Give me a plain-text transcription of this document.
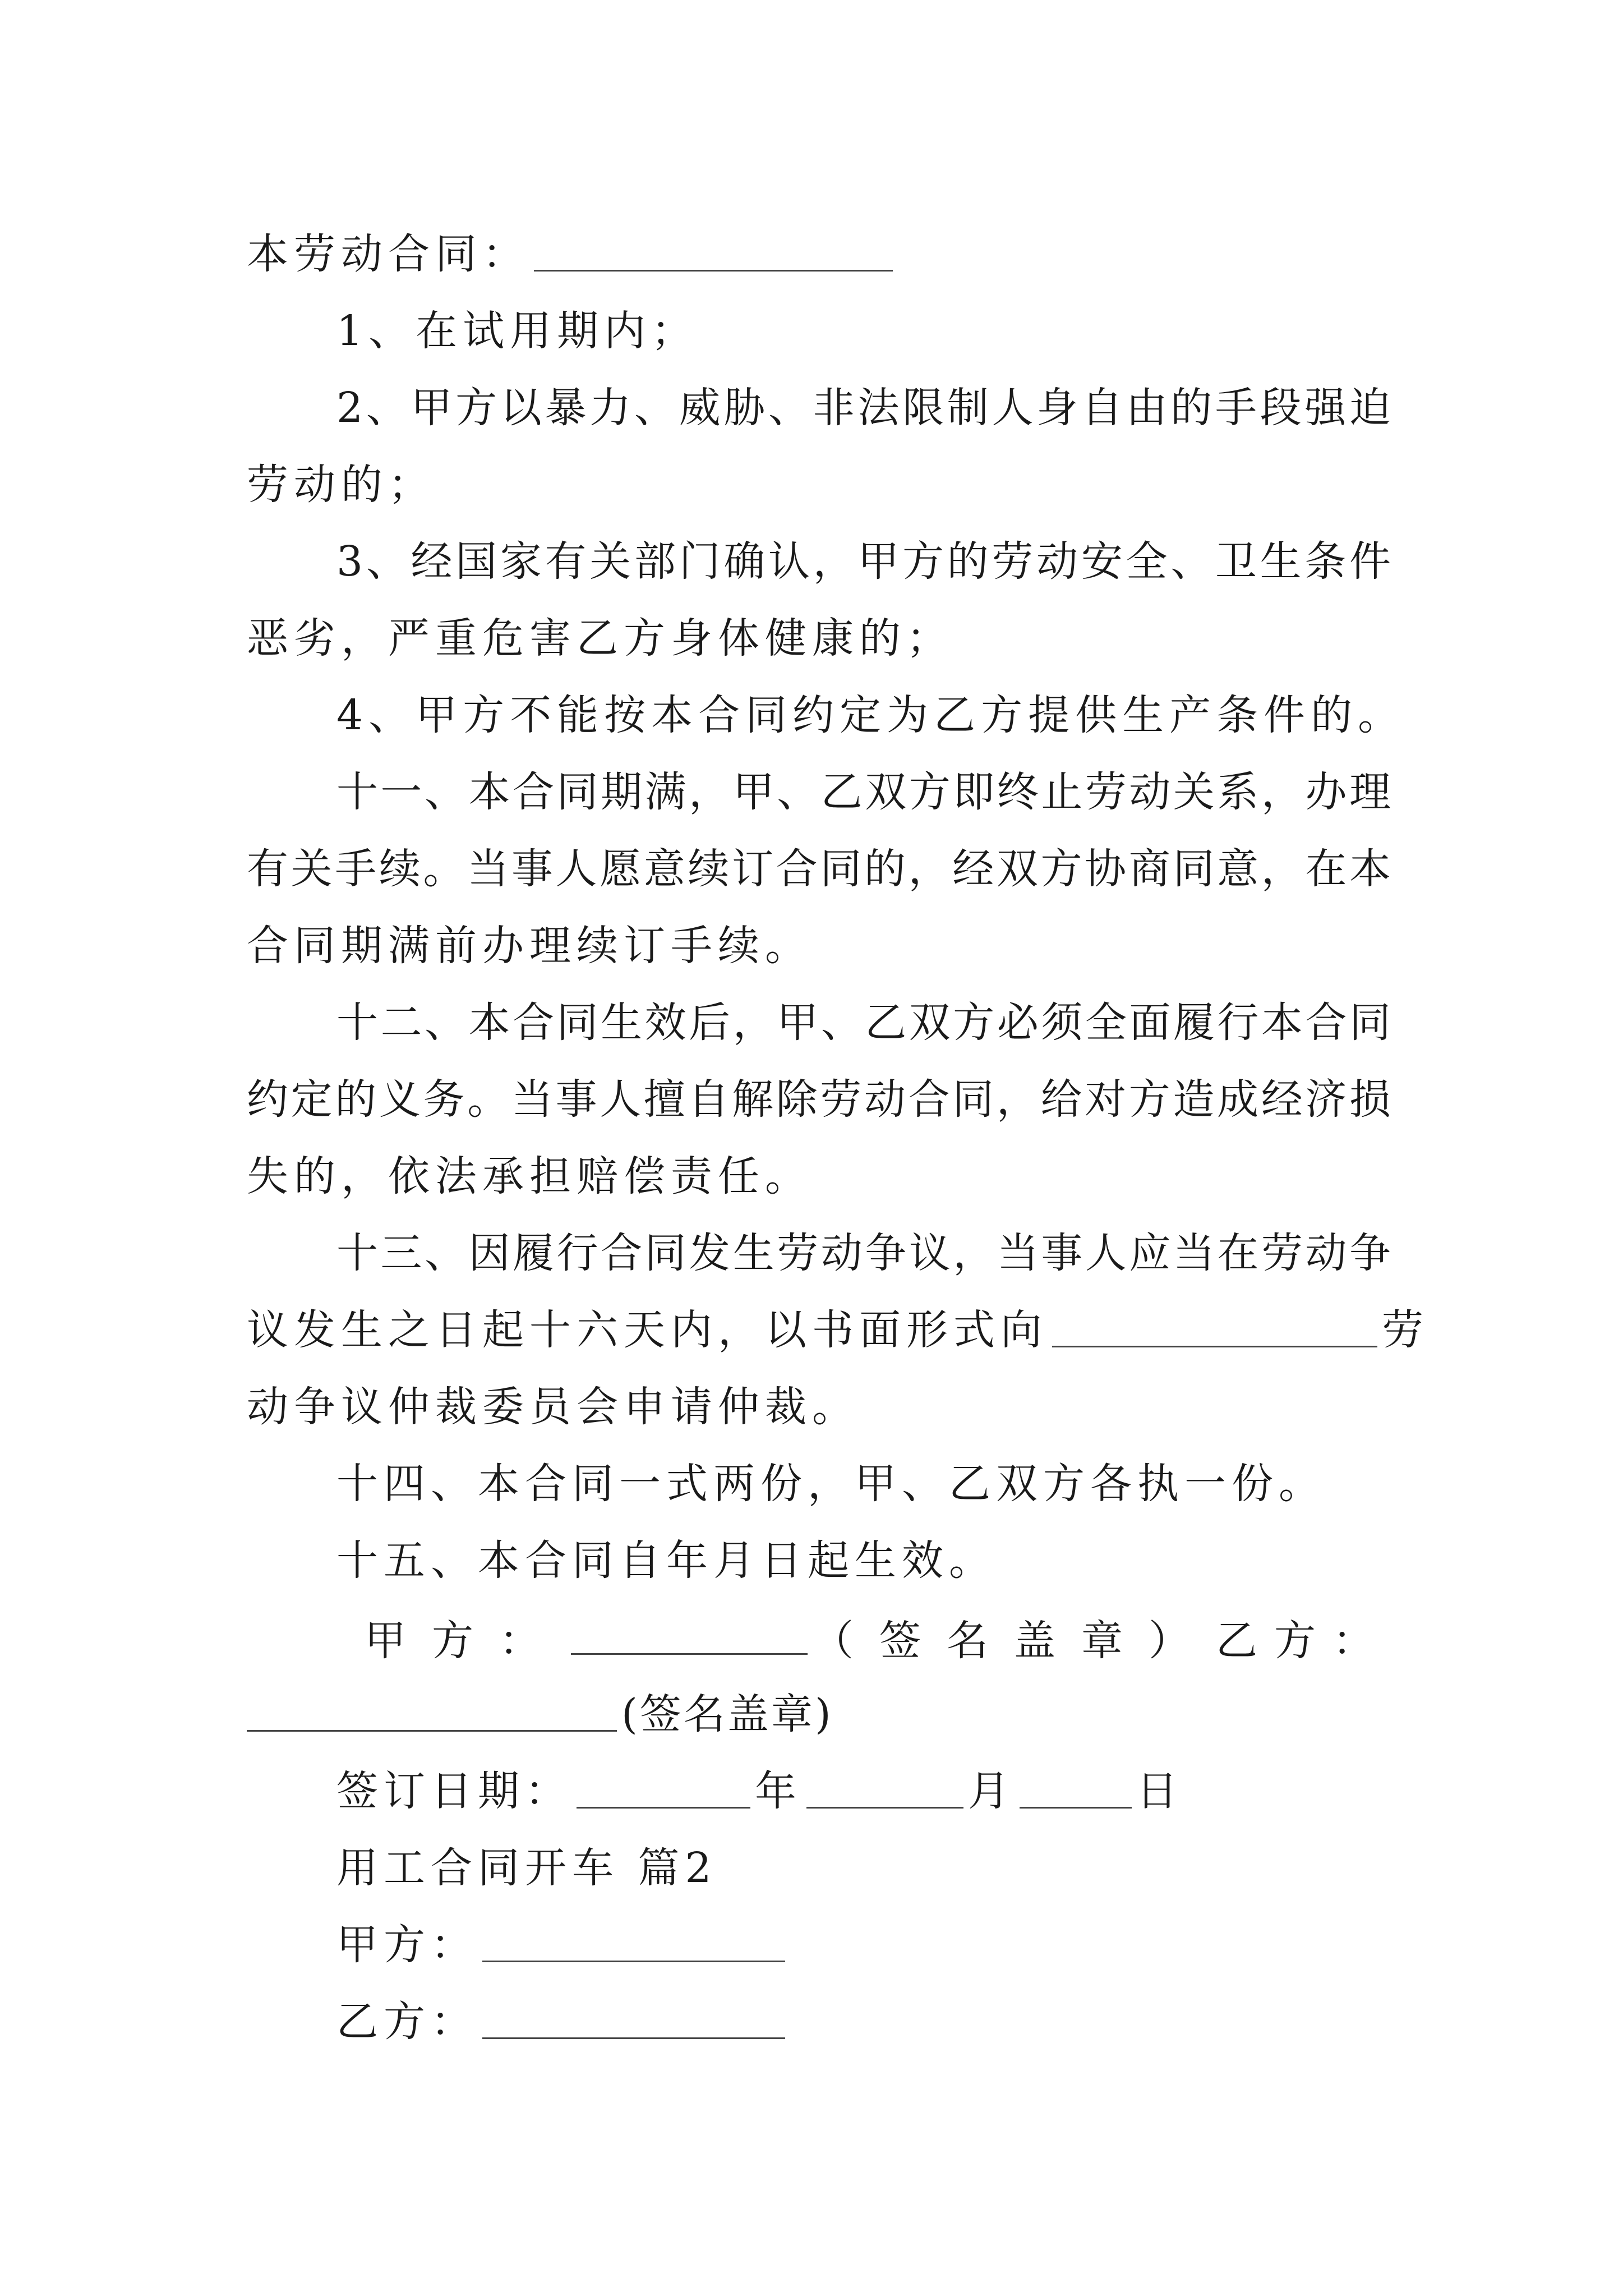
本劳动合同：
1、在试用期内；
2、甲方以暴力、威胁、非法限制人身自由的手段强迫
劳动的；
3、经国家有关部门确认，甲方的劳动安全、卫生条件
恶劣，严重危害乙方身体健康的；
4、甲方不能按本合同约定为乙方提供生产条件的。
十一、本合同期满，甲、乙双方即终止劳动关系，办理
有关手续。当事人愿意续订合同的，经双方协商同意，在本
合同期满前办理续订手续。
十二、本合同生效后，甲、乙双方必须全面履行本合同
约定的义务。当事人擅自解除劳动合同，给对方造成经济损
失的，依法承担赔偿责任。
十三、因履行合同发生劳动争议，当事人应当在劳动争
议发生之日起十六天内，以书面形式向	劳
动争议仲裁委员会申请仲裁。
十四、本合同一式两份，甲、乙双方各执一份。
十五、本合同自年月日起生效。
甲方：	（签名盖章） 乙方：
(签名盖章)
签订日期：	年	月	日
用工合同开车 篇2
甲方：
乙方：
